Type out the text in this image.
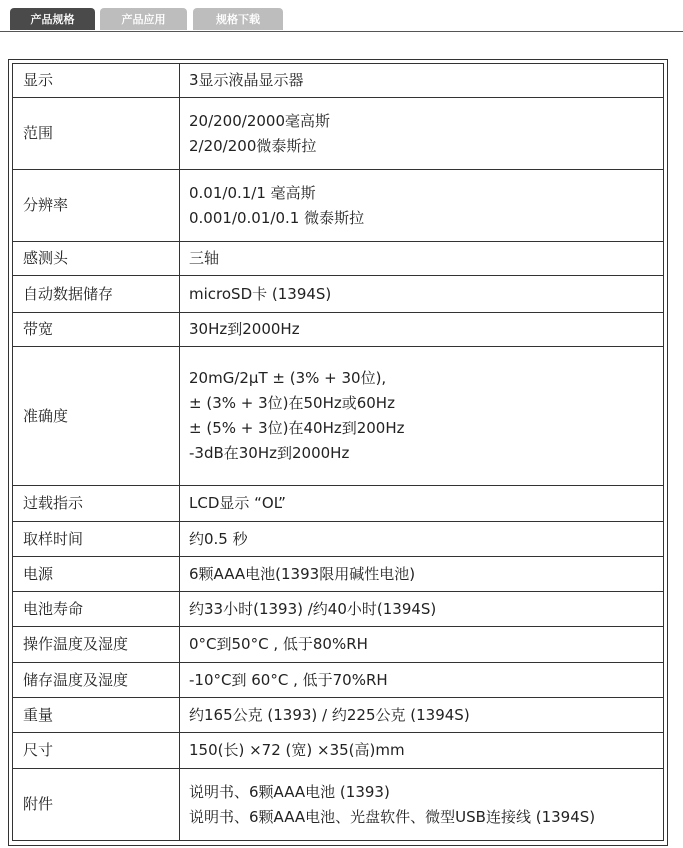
产品规格	产品应用	规格下载
显示	3显示液晶显示器

范围	20/200/2000毫高斯
2/20/200微泰斯拉

分辨率	0.01/0.1/1 毫高斯
0.001/0.01/0.1 微泰斯拉

感测头	三轴

自动数据储存	microSD卡 (1394S)

带宽	30Hz到2000Hz

准确度	20mG/2μT ± (3% + 30位),
± (3% + 3位)在50Hz或60Hz
± (5% + 3位)在40Hz到200Hz
-3dB在30Hz到2000Hz

过载指示	LCD显示 “OL”

取样时间	约0.5 秒

电源	6颗AAA电池(1393限用碱性电池)

电池寿命	约33小时(1393) /约40小时(1394S)

操作温度及湿度	0°C到50°C , 低于80%RH

储存温度及湿度	-10°C到 60°C , 低于70%RH

重量	约165公克 (1393) / 约225公克 (1394S)

尺寸	150(长) ×72 (宽) ×35(高)mm

附件	说明书、6颗AAA电池 (1393)
说明书、6颗AAA电池、光盘软件、微型USB连接线 (1394S)
